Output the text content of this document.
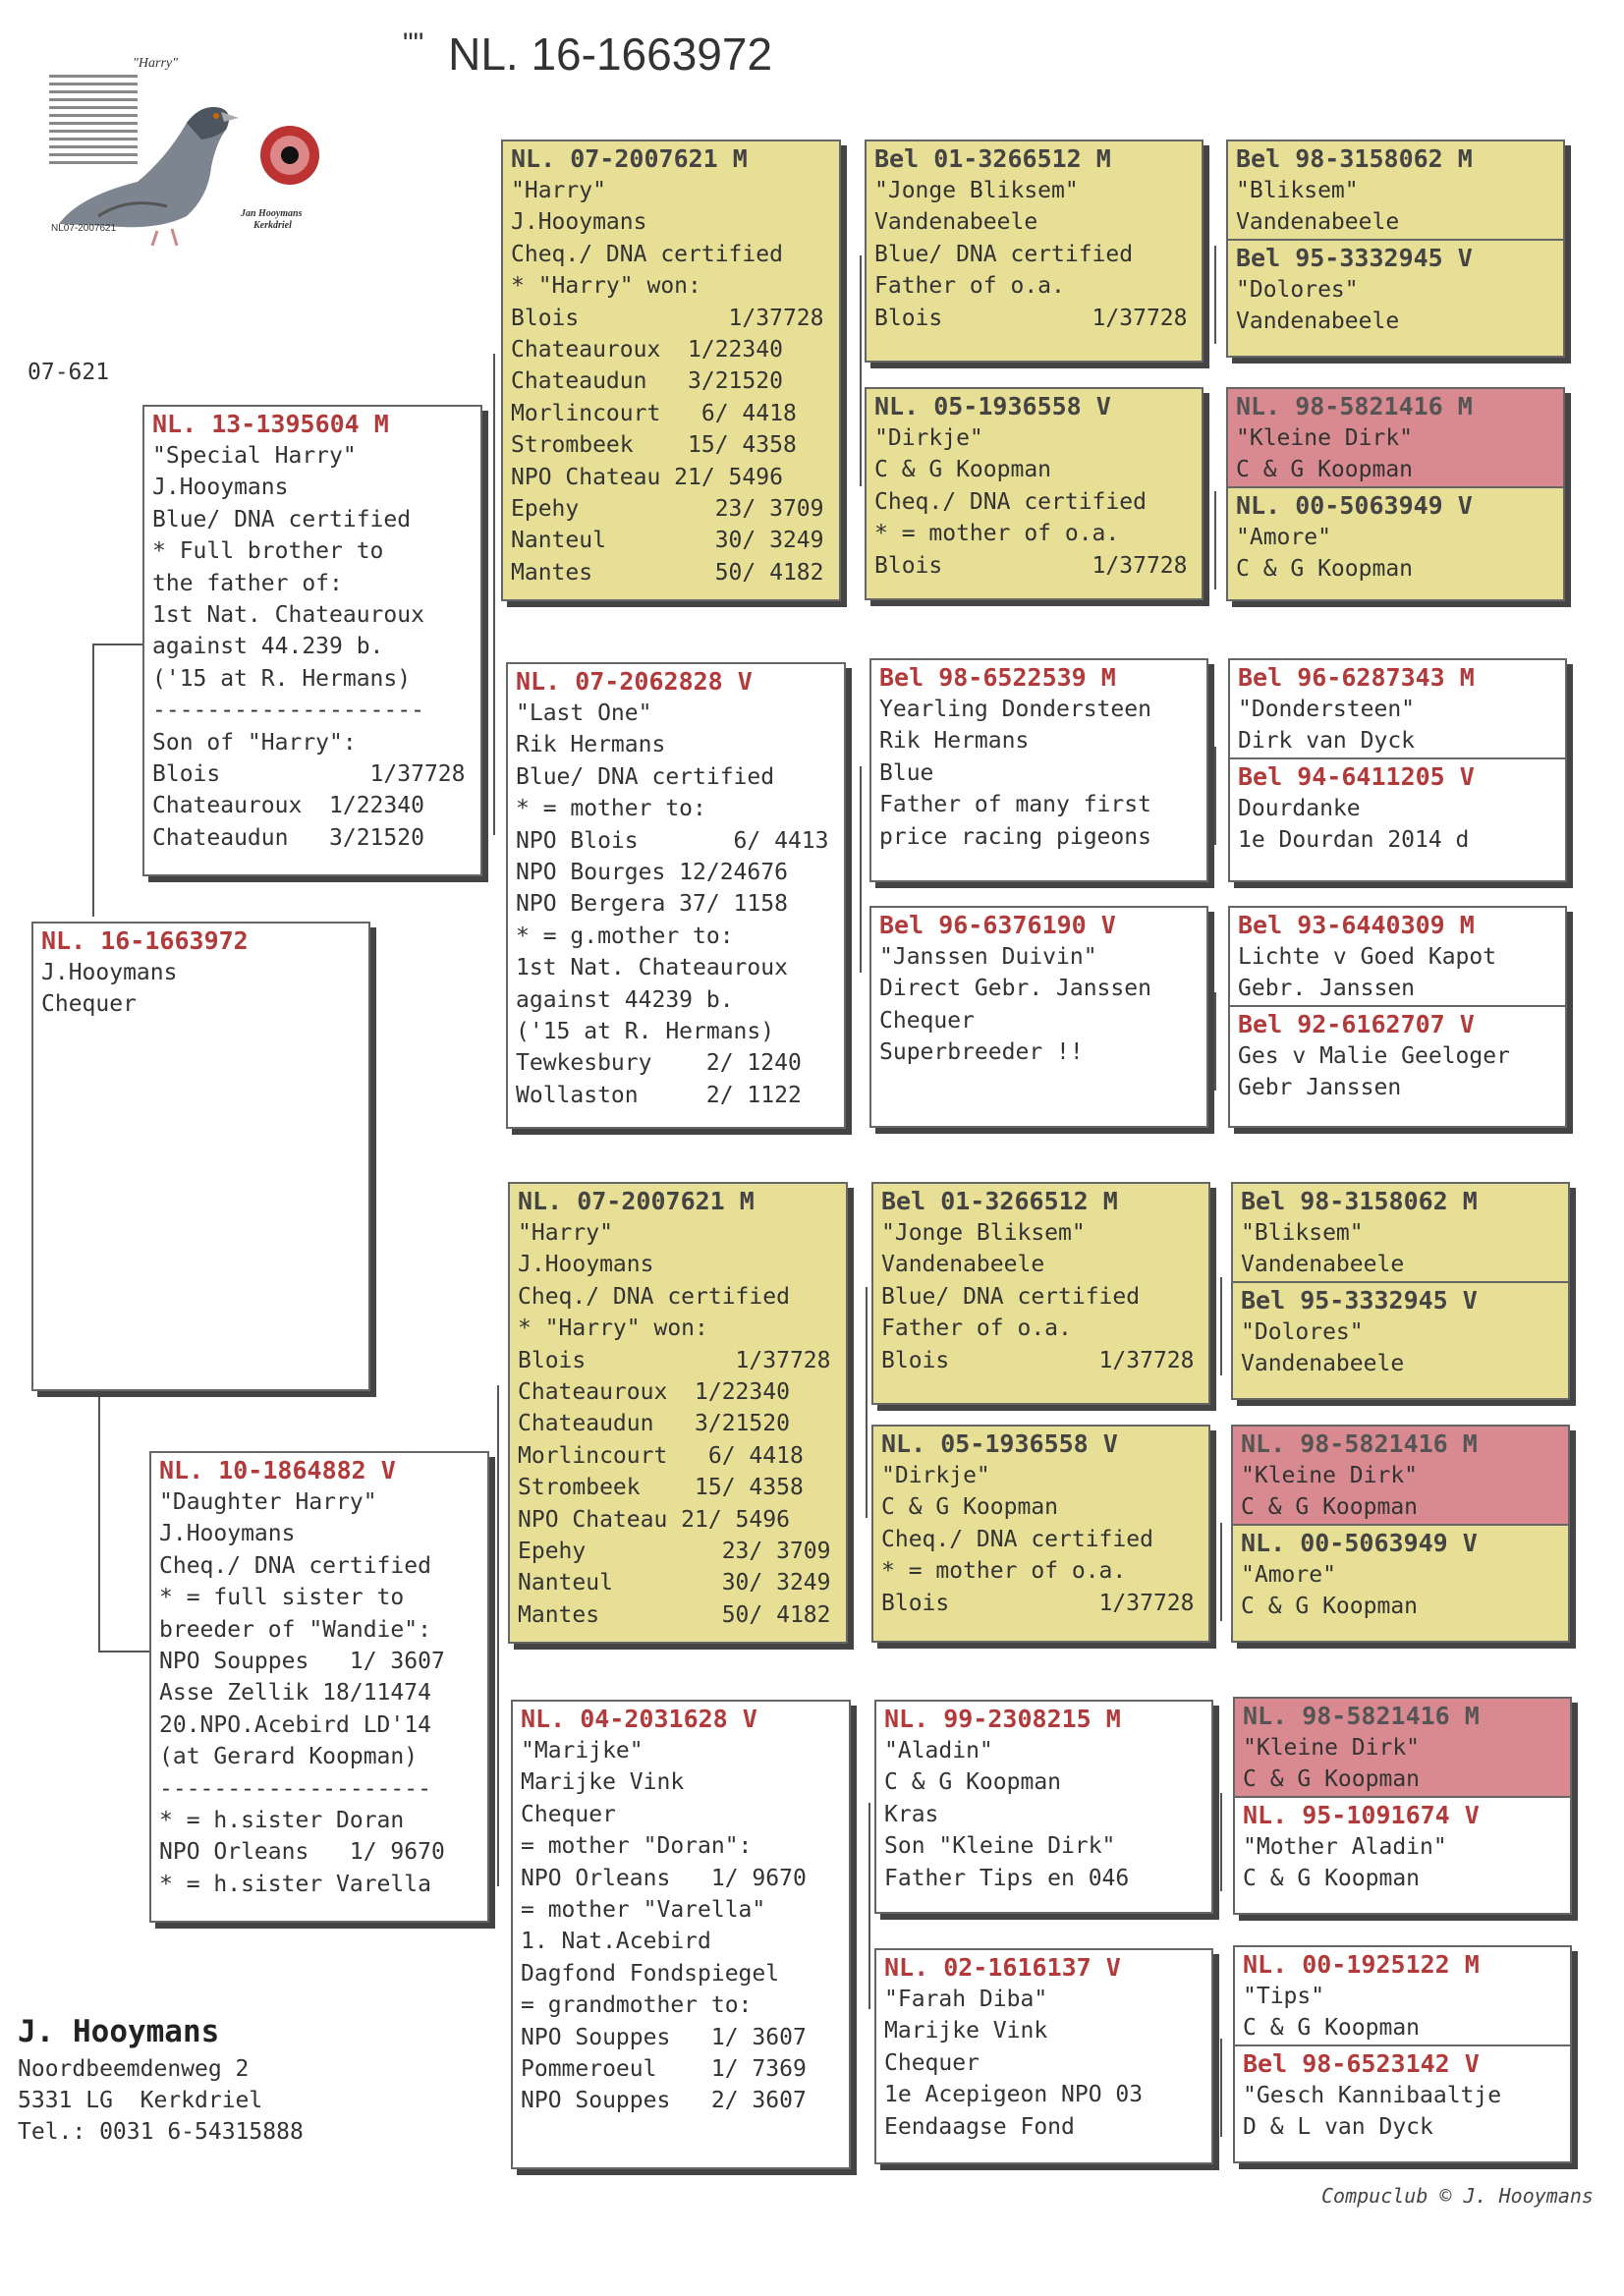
"" NL. 16-1663972
"Harry"
NL07-2007621
Jan Hooymans
Kerkdriel
07-621
NL. 16-1663972
J.Hooymans
Chequer
NL. 13-1395604 M
"Special Harry"
J.Hooymans
Blue/ DNA certified
* Full brother to
the father of:
1st Nat. Chateauroux
against 44.239 b.
('15 at R. Hermans)
--------------------
Son of "Harry":
Blois           1/37728
Chateauroux  1/22340
Chateaudun   3/21520
NL. 10-1864882 V
"Daughter Harry"
J.Hooymans
Cheq./ DNA certified
* = full sister to
breeder of "Wandie":
NPO Souppes   1/ 3607
Asse Zellik 18/11474
20.NPO.Acebird LD'14
(at Gerard Koopman)
--------------------
* = h.sister Doran
NPO Orleans   1/ 9670
* = h.sister Varella
NL. 07-2007621 M
"Harry"
J.Hooymans
Cheq./ DNA certified
* "Harry" won:
Blois           1/37728
Chateauroux  1/22340
Chateaudun   3/21520
Morlincourt   6/ 4418
Strombeek    15/ 4358
NPO Chateau 21/ 5496
Epehy          23/ 3709
Nanteul        30/ 3249
Mantes         50/ 4182
NL. 07-2062828 V
"Last One"
Rik Hermans
Blue/ DNA certified
* = mother to:
NPO Blois       6/ 4413
NPO Bourges 12/24676
NPO Bergera 37/ 1158
* = g.mother to:
1st Nat. Chateauroux
against 44239 b.
('15 at R. Hermans)
Tewkesbury    2/ 1240
Wollaston     2/ 1122
NL. 07-2007621 M
"Harry"
J.Hooymans
Cheq./ DNA certified
* "Harry" won:
Blois           1/37728
Chateauroux  1/22340
Chateaudun   3/21520
Morlincourt   6/ 4418
Strombeek    15/ 4358
NPO Chateau 21/ 5496
Epehy          23/ 3709
Nanteul        30/ 3249
Mantes         50/ 4182
NL. 04-2031628 V
"Marijke"
Marijke Vink
Chequer
= mother "Doran":
NPO Orleans   1/ 9670
= mother "Varella"
1. Nat.Acebird
Dagfond Fondspiegel
= grandmother to:
NPO Souppes   1/ 3607
Pommeroeul    1/ 7369
NPO Souppes   2/ 3607
Bel 01-3266512 M
"Jonge Bliksem"
Vandenabeele
Blue/ DNA certified
Father of o.a.
Blois           1/37728
NL. 05-1936558 V
"Dirkje"
C & G Koopman
Cheq./ DNA certified
* = mother of o.a.
Blois           1/37728
Bel 98-6522539 M
Yearling Dondersteen
Rik Hermans
Blue
Father of many first
price racing pigeons
Bel 96-6376190 V
"Janssen Duivin"
Direct Gebr. Janssen
Chequer
Superbreeder !!
Bel 01-3266512 M
"Jonge Bliksem"
Vandenabeele
Blue/ DNA certified
Father of o.a.
Blois           1/37728
NL. 05-1936558 V
"Dirkje"
C & G Koopman
Cheq./ DNA certified
* = mother of o.a.
Blois           1/37728
NL. 99-2308215 M
"Aladin"
C & G Koopman
Kras
Son "Kleine Dirk"
Father Tips en 046
NL. 02-1616137 V
"Farah Diba"
Marijke Vink
Chequer
1e Acepigeon NPO 03
Eendaagse Fond
Bel 98-3158062 M
"Bliksem"
Vandenabeele
Bel 95-3332945 V
"Dolores"
Vandenabeele
NL. 98-5821416 M
"Kleine Dirk"
C & G Koopman
NL. 00-5063949 V
"Amore"
C & G Koopman
Bel 96-6287343 M
"Dondersteen"
Dirk van Dyck
Bel 94-6411205 V
Dourdanke
1e Dourdan 2014 d
Bel 93-6440309 M
Lichte v Goed Kapot
Gebr. Janssen
Bel 92-6162707 V
Ges v Malie Geeloger
Gebr Janssen
Bel 98-3158062 M
"Bliksem"
Vandenabeele
Bel 95-3332945 V
"Dolores"
Vandenabeele
NL. 98-5821416 M
"Kleine Dirk"
C & G Koopman
NL. 00-5063949 V
"Amore"
C & G Koopman
NL. 98-5821416 M
"Kleine Dirk"
C & G Koopman
NL. 95-1091674 V
"Mother Aladin"
C & G Koopman
NL. 00-1925122 M
"Tips"
C & G Koopman
Bel 98-6523142 V
"Gesch Kannibaaltje
D & L van Dyck
J. Hooymans
Noordbeemdenweg 2
5331 LG  Kerkdriel
Tel.: 0031 6-54315888
Compuclub © J. Hooymans
